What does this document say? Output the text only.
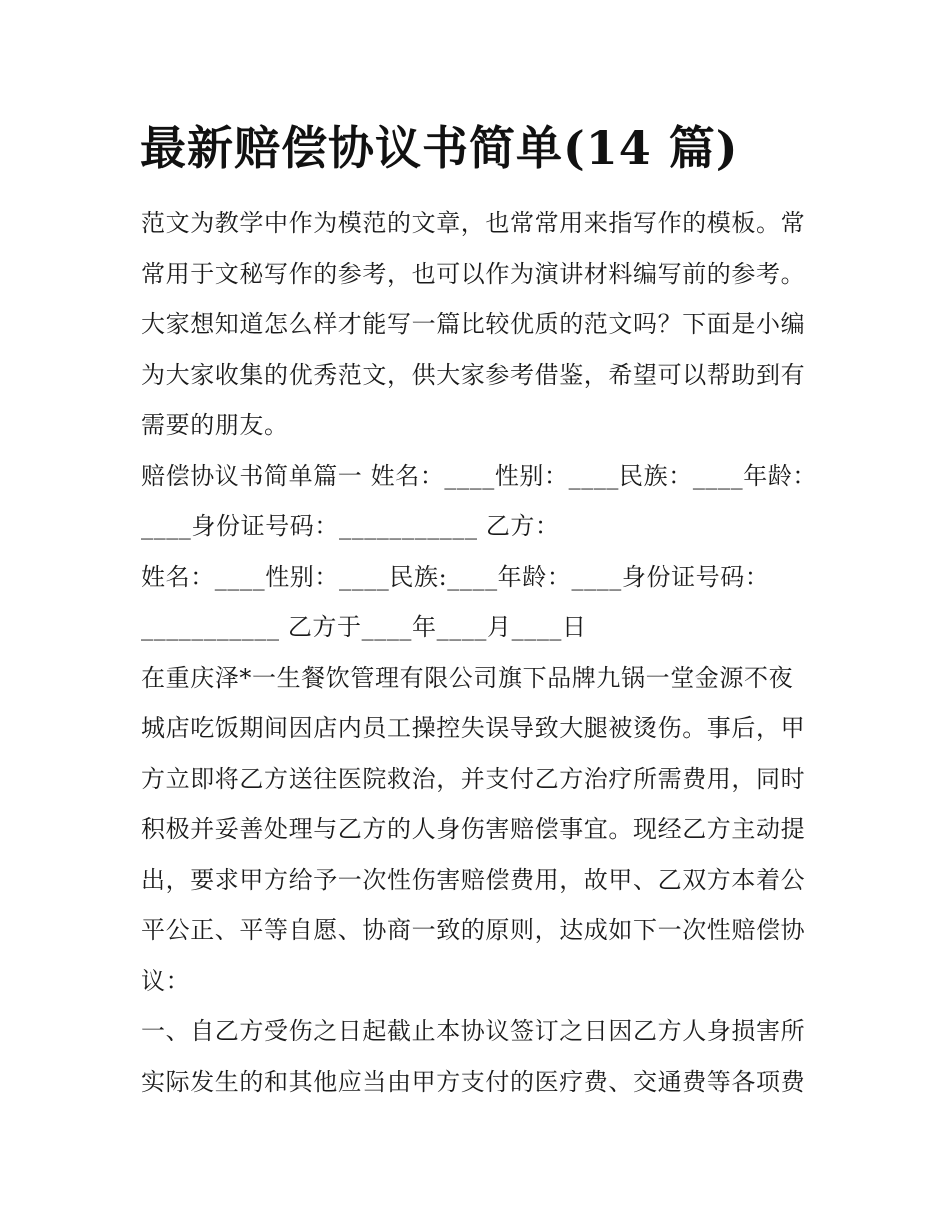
最新赔偿协议书简单(14 篇)
范文为教学中作为模范的文章，也常常用来指写作的模板。常
常用于文秘写作的参考，也可以作为演讲材料编写前的参考。
大家想知道怎么样才能写一篇比较优质的范文吗？下面是小编
为大家收集的优秀范文，供大家参考借鉴，希望可以帮助到有
需要的朋友。
赔偿协议书简单篇一 姓名：____性别：____民族：____年龄：
____身份证号码：___________ 乙方：
姓名：____性别：____民族:____年龄：____身份证号码：
___________ 乙方于____年____月____日
在重庆泽*一生餐饮管理有限公司旗下品牌九锅一堂金源不夜
城店吃饭期间因店内员工操控失误导致大腿被烫伤。事后，甲
方立即将乙方送往医院救治，并支付乙方治疗所需费用，同时
积极并妥善处理与乙方的人身伤害赔偿事宜。现经乙方主动提
出，要求甲方给予一次性伤害赔偿费用，故甲、乙双方本着公
平公正、平等自愿、协商一致的原则，达成如下一次性赔偿协
议：
一、自乙方受伤之日起截止本协议签订之日因乙方人身损害所
实际发生的和其他应当由甲方支付的医疗费、交通费等各项费
